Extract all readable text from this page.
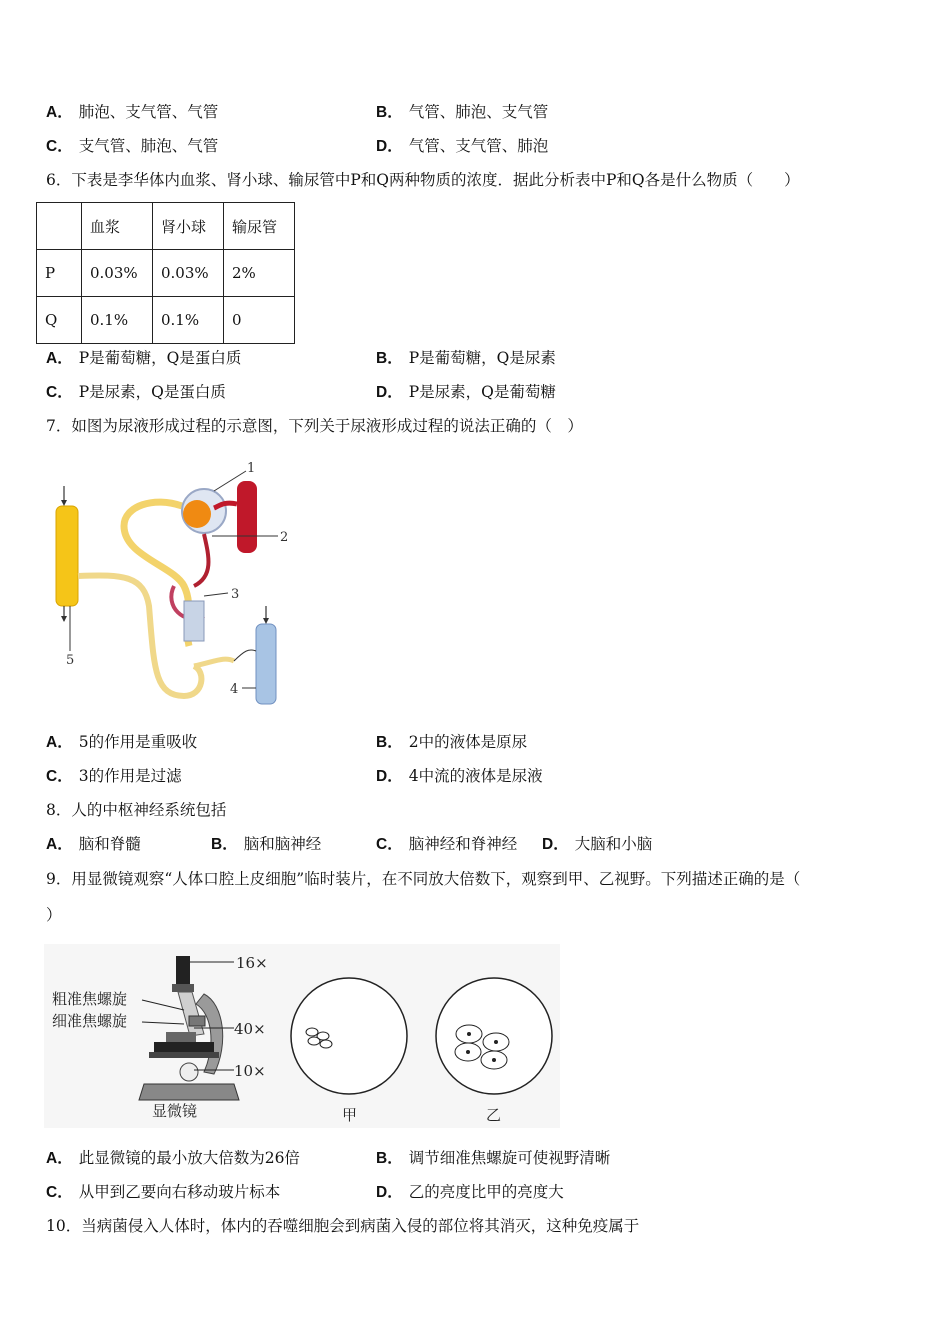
A． 肺泡、支气管、气管	B． 气管、肺泡、支气管
C． 支气管、肺泡、气管	D． 气管、支气管、肺泡
6．下表是李华体内血浆、肾小球、输尿管中P和Q两种物质的浓度．据此分析表中P和Q各是什么物质（　　）
	血浆	肾小球	输尿管
P	0.03%	0.03%	2%
Q	0.1%	0.1%	0
A． P是葡萄糖，Q是蛋白质	B． P是葡萄糖，Q是尿素
C． P是尿素，Q是蛋白质	D． P是尿素，Q是葡萄糖
7．如图为尿液形成过程的示意图，下列关于尿液形成过程的说法正确的（　）
1
2
3
4
5
A． 5的作用是重吸收	B． 2中的液体是原尿
C． 3的作用是过滤	D． 4中流的液体是尿液
8．人的中枢神经系统包括
A． 脑和脊髓	B． 脑和脑神经	C． 脑神经和脊神经 D． 大脑和小脑
9．用显微镜观察“人体口腔上皮细胞”临时装片，在不同放大倍数下，观察到甲、乙视野。下列描述正确的是（
）
16×
40×
10×
粗准焦螺旋
细准焦螺旋
显微镜	甲	乙
A． 此显微镜的最小放大倍数为26倍	B． 调节细准焦螺旋可使视野清晰
C． 从甲到乙要向右移动玻片标本	D． 乙的亮度比甲的亮度大
10．当病菌侵入人体时，体内的吞噬细胞会到病菌入侵的部位将其消灭，这种免疫属于
